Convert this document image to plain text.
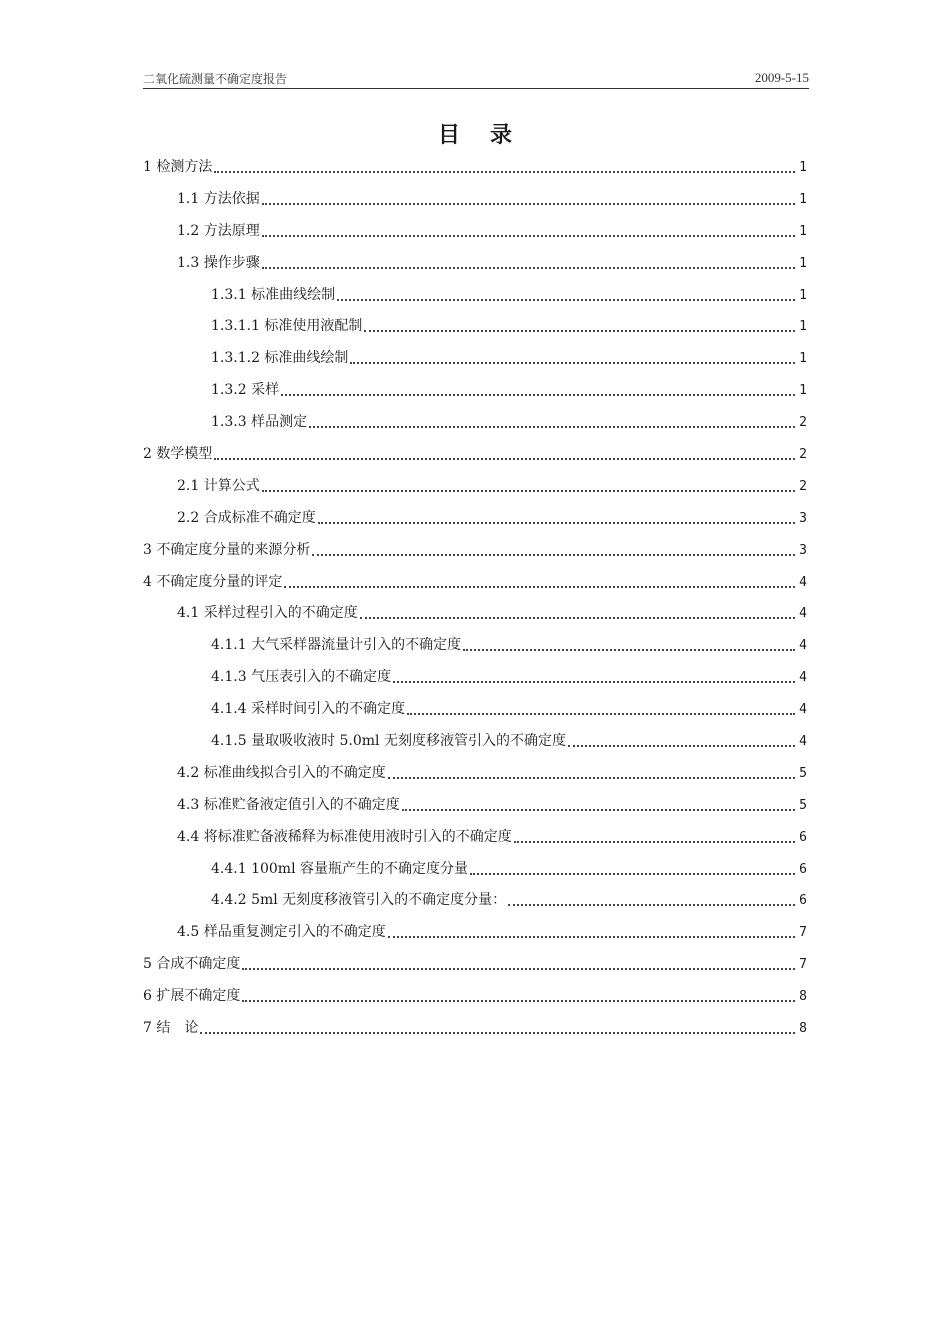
二氧化硫测量不确定度报告	2009-5-15
目录
1 检测方法	1
1.1 方法依据	1
1.2 方法原理	1
1.3 操作步骤	1
1.3.1 标准曲线绘制	1
1.3.1.1 标准使用液配制	1
1.3.1.2 标准曲线绘制	1
1.3.2 采样	1
1.3.3 样品测定	2
2 数学模型	2
2.1 计算公式	2
2.2 合成标准不确定度	3
3 不确定度分量的来源分析	3
4 不确定度分量的评定	4
4.1 采样过程引入的不确定度	4
4.1.1 大气采样器流量计引入的不确定度	4
4.1.3 气压表引入的不确定度	4
4.1.4 采样时间引入的不确定度	4
4.1.5 量取吸收液时 5.0ml 无刻度移液管引入的不确定度	4
4.2 标准曲线拟合引入的不确定度	5
4.3 标准贮备液定值引入的不确定度	5
4.4 将标准贮备液稀释为标准使用液时引入的不确定度	6
4.4.1 100ml 容量瓶产生的不确定度分量	6
4.4.2 5ml 无刻度移液管引入的不确定度分量：	6
4.5 样品重复测定引入的不确定度	7
5 合成不确定度	7
6 扩展不确定度	8
7 结　论	8
